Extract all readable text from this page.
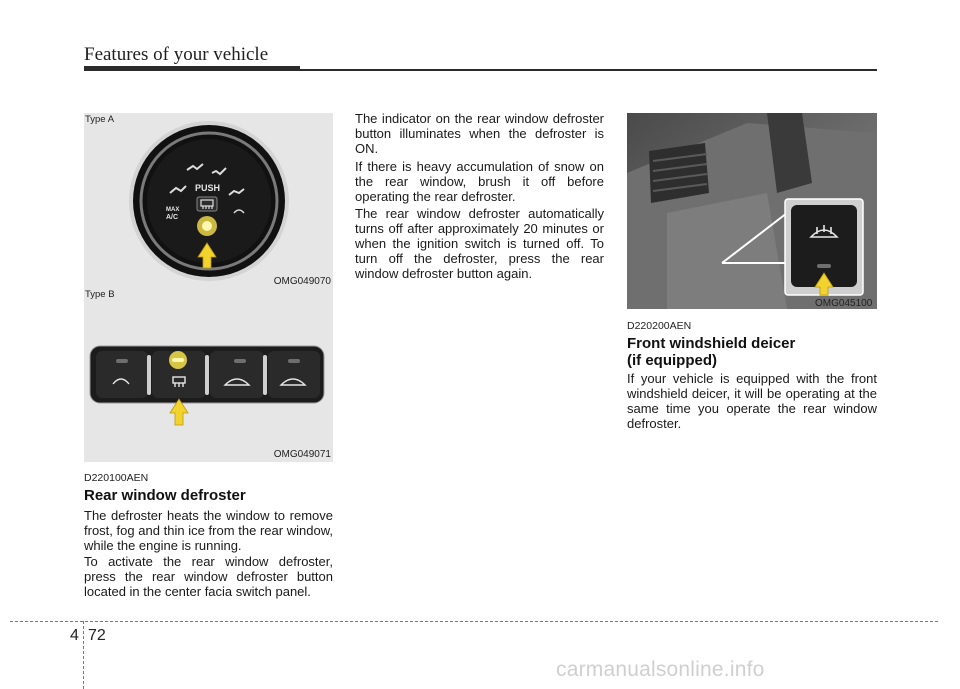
Features of your vehicle
Type A
PUSH
MAX
A/C
OMG049070
Type B
OMG049071
OMG045100
D220100AEN
Rear window defroster

The defroster heats the window to remove frost, fog and thin ice from the rear window, while the engine is running.

To activate the rear window defroster, press the rear window defroster button located in the center facia switch panel.

The indicator on the rear window defroster button illuminates when the defroster is ON.

If there is heavy accumulation of snow on the rear window, brush it off before operating the rear defroster.

The rear window defroster automatically turns off after approximately 20 minutes or when the ignition switch is turned off. To turn off the defroster, press the rear window defroster button again.

D220200AEN
Front windshield deicer
(if equipped)

If your vehicle is equipped with the front windshield deicer, it will be operating at the same time you operate the rear window defroster.

4 72
carmanualsonline.info
